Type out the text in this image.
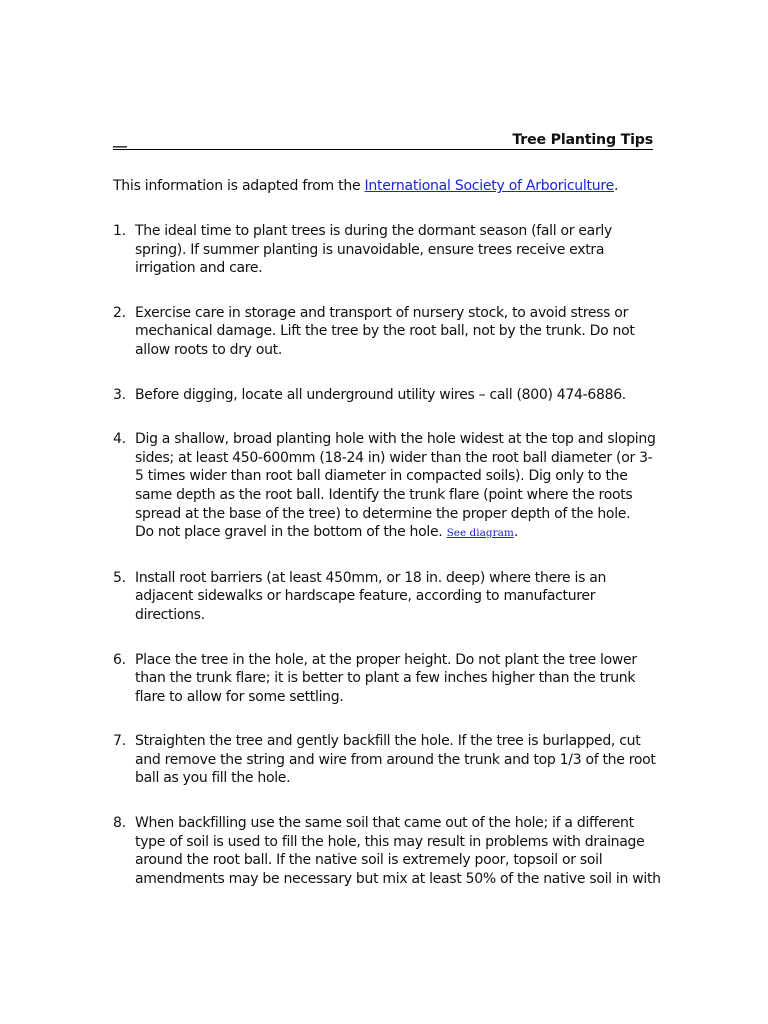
__	Tree Planting Tips
This information is adapted from the International Society of Arboriculture.
1. The ideal time to plant trees is during the dormant season (fall or early
spring). If summer planting is unavoidable, ensure trees receive extra
irrigation and care.
2. Exercise care in storage and transport of nursery stock, to avoid stress or
mechanical damage. Lift the tree by the root ball, not by the trunk. Do not
allow roots to dry out.
3. Before digging, locate all underground utility wires – call (800) 474-6886.
4. Dig a shallow, broad planting hole with the hole widest at the top and sloping
sides; at least 450-600mm (18-24 in) wider than the root ball diameter (or 3-
5 times wider than root ball diameter in compacted soils). Dig only to the
same depth as the root ball. Identify the trunk flare (point where the roots
spread at the base of the tree) to determine the proper depth of the hole.
Do not place gravel in the bottom of the hole. See diagram.
5. Install root barriers (at least 450mm, or 18 in. deep) where there is an
adjacent sidewalks or hardscape feature, according to manufacturer
directions.
6. Place the tree in the hole, at the proper height. Do not plant the tree lower
than the trunk flare; it is better to plant a few inches higher than the trunk
flare to allow for some settling.
7. Straighten the tree and gently backfill the hole. If the tree is burlapped, cut
and remove the string and wire from around the trunk and top 1/3 of the root
ball as you fill the hole.
8. When backfilling use the same soil that came out of the hole; if a different
type of soil is used to fill the hole, this may result in problems with drainage
around the root ball. If the native soil is extremely poor, topsoil or soil
amendments may be necessary but mix at least 50% of the native soil in with
